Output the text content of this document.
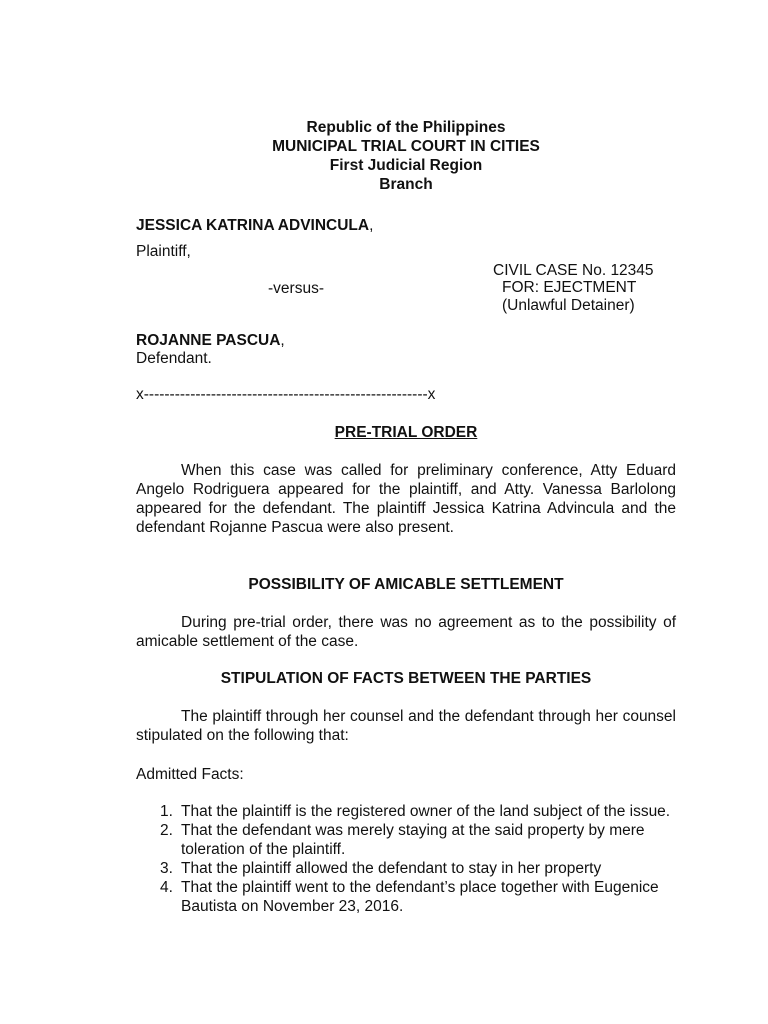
Republic of the Philippines
MUNICIPAL TRIAL COURT IN CITIES
First Judicial Region
Branch
JESSICA KATRINA ADVINCULA,
Plaintiff,
CIVIL CASE No. 12345
-versus-	FOR: EJECTMENT
(Unlawful Detainer)
ROJANNE PASCUA,
Defendant.
x-------------------------------------------------------x
PRE-TRIAL ORDER
When this case was called for preliminary conference, Atty Eduard Angelo Rodriguera appeared for the plaintiff, and Atty. Vanessa Barlolong appeared for the defendant. The plaintiff Jessica Katrina Advincula and the defendant Rojanne Pascua were also present.
POSSIBILITY OF AMICABLE SETTLEMENT
During pre-trial order, there was no agreement as to the possibility of amicable settlement of the case.
STIPULATION OF FACTS BETWEEN THE PARTIES
The plaintiff through her counsel and the defendant through her counsel stipulated on the following that:
Admitted Facts:
1. That the plaintiff is the registered owner of the land subject of the issue.
2. That the defendant was merely staying at the said property by mere toleration of the plaintiff.
3. That the plaintiff allowed the defendant to stay in her property
4. That the plaintiff went to the defendant’s place together with Eugenice Bautista on November 23, 2016.
